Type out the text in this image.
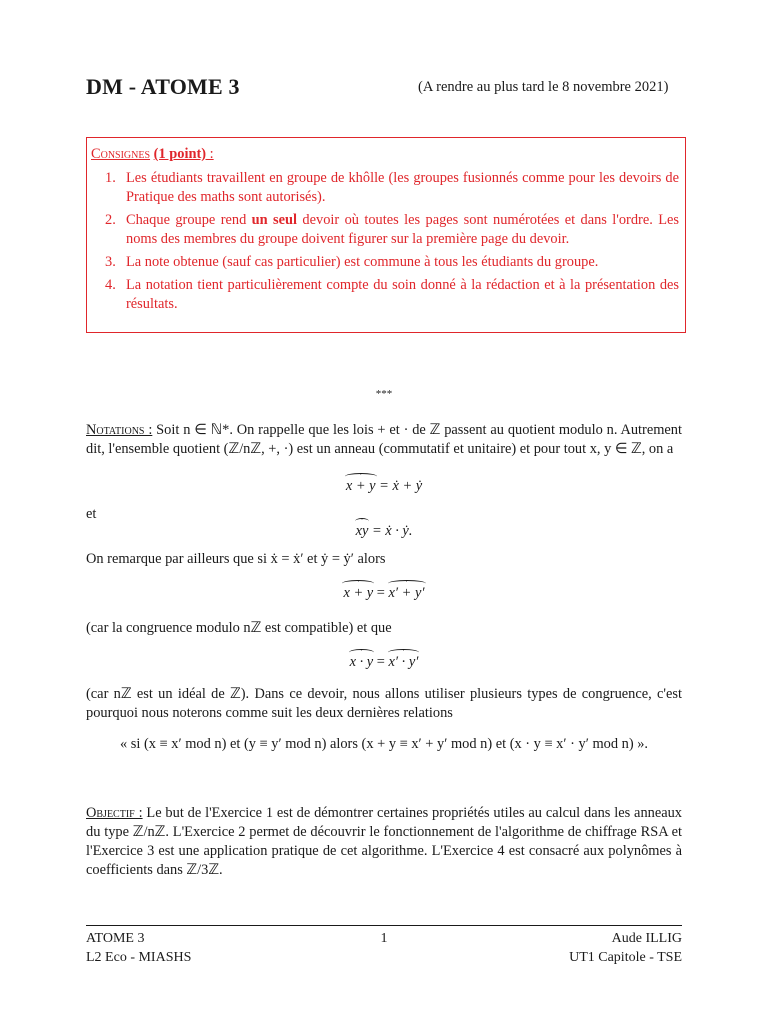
DM - ATOME 3	(A rendre au plus tard le 8 novembre 2021)
Consignes (1 point) :
1. Les étudiants travaillent en groupe de khôlle (les groupes fusionnés comme pour les devoirs de Pratique des maths sont autorisés).
2. Chaque groupe rend un seul devoir où toutes les pages sont numérotées et dans l'ordre. Les noms des membres du groupe doivent figurer sur la première page du devoir.
3. La note obtenue (sauf cas particulier) est commune à tous les étudiants du groupe.
4. La notation tient particulièrement compte du soin donné à la rédaction et à la présentation des résultats.
***
Notations : Soit n ∈ ℕ*. On rappelle que les lois + et · de ℤ passent au quotient modulo n. Autrement dit, l'ensemble quotient (ℤ/nℤ, +, ·) est un anneau (commutatif et unitaire) et pour tout x, y ∈ ℤ, on a
·
x + y = ẋ + ẏ
et	·
xy = ẋ · ẏ.
On remarque par ailleurs que si ẋ = ẋ′ et ẏ = ẏ′ alors
·
x + y =
·
x′ + y′
(car la congruence modulo nℤ est compatible) et que
·
x · y =
·
x′ · y′
(car nℤ est un idéal de ℤ). Dans ce devoir, nous allons utiliser plusieurs types de congruence, c'est pourquoi nous noterons comme suit les deux dernières relations
« si (x ≡ x′ mod n) et (y ≡ y′ mod n) alors (x + y ≡ x′ + y′ mod n) et (x · y ≡ x′ · y′ mod n) ».
Objectif : Le but de l'Exercice 1 est de démontrer certaines propriétés utiles au calcul dans les anneaux du type ℤ/nℤ. L'Exercice 2 permet de découvrir le fonctionnement de l'algorithme de chiffrage RSA et l'Exercice 3 est une application pratique de cet algorithme. L'Exercice 4 est consacré aux polynômes à coefficients dans ℤ/3ℤ.
ATOME 3
L2 Eco - MIASHS
1	Aude ILLIG
UT1 Capitole - TSE
